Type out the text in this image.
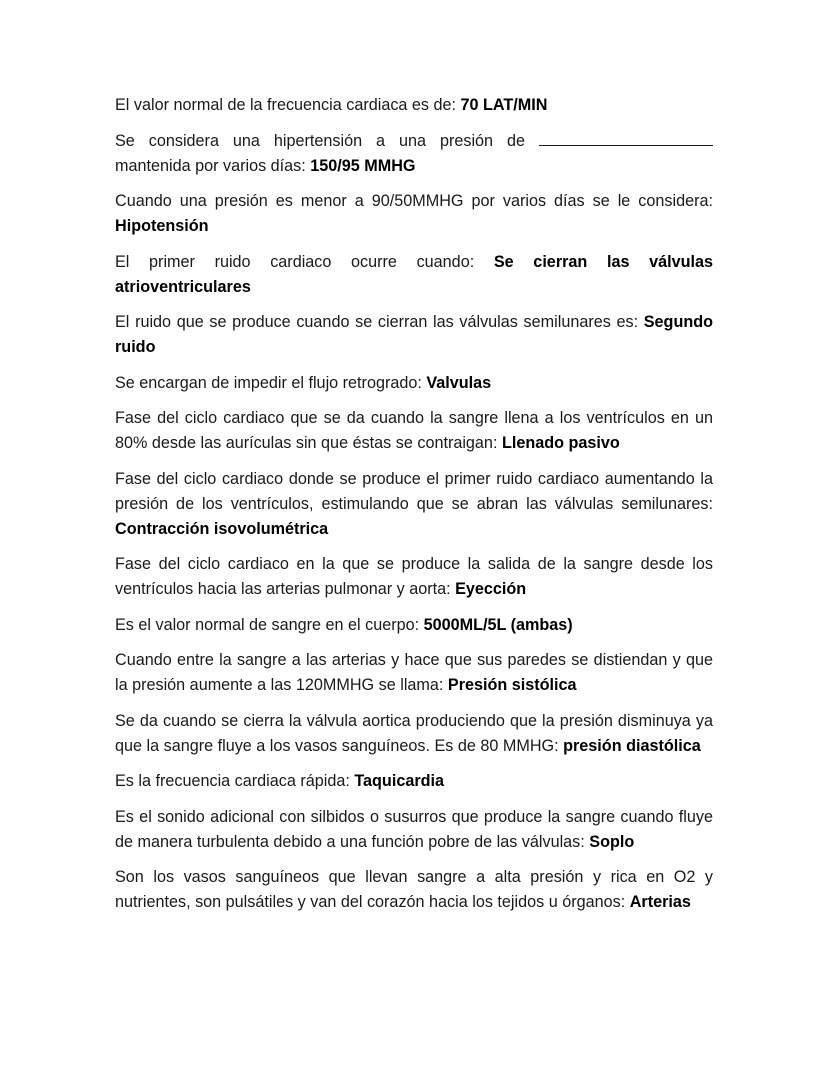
El valor normal de la frecuencia cardiaca es de: 70 LAT/MIN

Se considera una hipertensión a una presión de  mantenida por varios días: 150/95 MMHG

Cuando una presión es menor a 90/50MMHG por varios días se le considera: Hipotensión

El primer ruido cardiaco ocurre cuando: Se cierran las válvulas atrioventriculares

El ruido que se produce cuando se cierran las válvulas semilunares es: Segundo ruido

Se encargan de impedir el flujo retrogrado: Valvulas

Fase del ciclo cardiaco que se da cuando la sangre llena a los ventrículos en un 80% desde las aurículas sin que éstas se contraigan: Llenado pasivo

Fase del ciclo cardiaco donde se produce el primer ruido cardiaco aumentando la presión de los ventrículos, estimulando que se abran las válvulas semilunares: Contracción isovolumétrica

Fase del ciclo cardiaco en la que se produce la salida de la sangre desde los ventrículos hacia las arterias pulmonar y aorta: Eyección

Es el valor normal de sangre en el cuerpo: 5000ML/5L (ambas)

Cuando entre la sangre a las arterias y hace que sus paredes se distiendan y que la presión aumente a las 120MMHG se llama: Presión sistólica

Se da cuando se cierra la válvula aortica produciendo que la presión disminuya ya que la sangre fluye a los vasos sanguíneos. Es de 80 MMHG: presión diastólica

Es la frecuencia cardiaca rápida: Taquicardia

Es el sonido adicional con silbidos o susurros que produce la sangre cuando fluye de manera turbulenta debido a una función pobre de las válvulas: Soplo

Son los vasos sanguíneos que llevan sangre a alta presión y rica en O2 y nutrientes, son pulsátiles y van del corazón hacia los tejidos u órganos: Arterias
